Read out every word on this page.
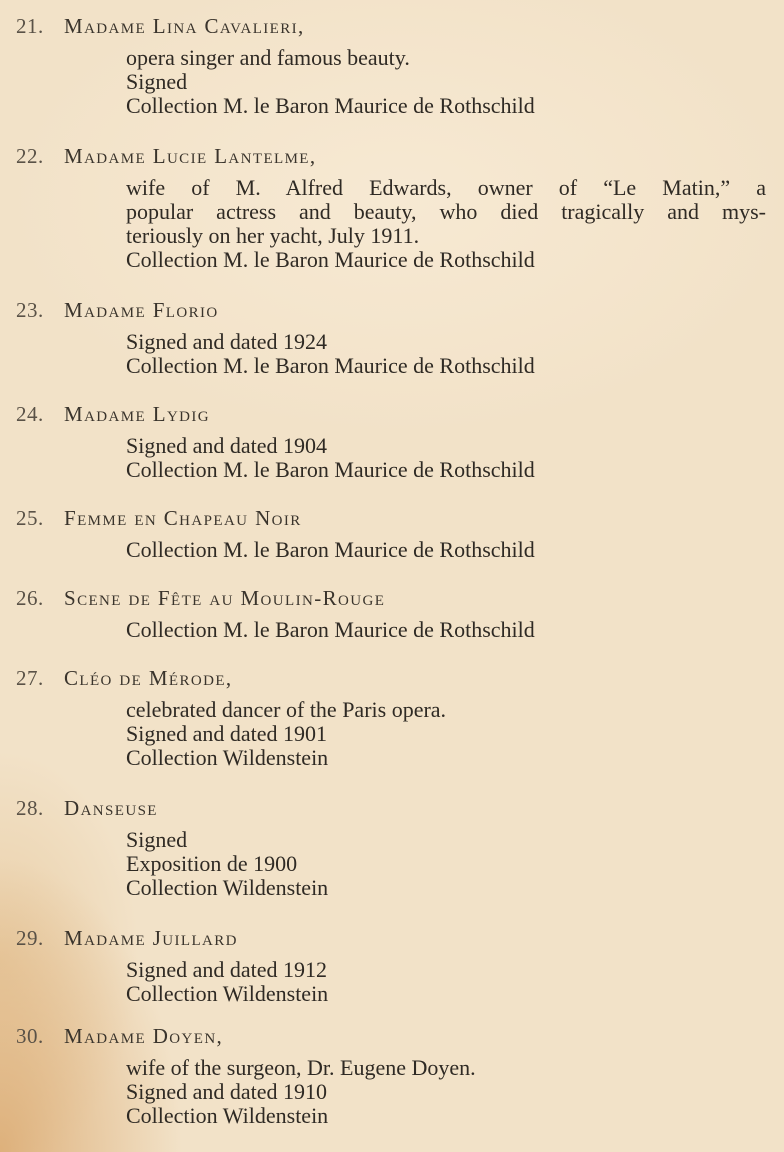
21. Madame Lina Cavalieri,
opera singer and famous beauty.
Signed
Collection M. le Baron Maurice de Rothschild
22. Madame Lucie Lantelme,
wife of M. Alfred Edwards, owner of “Le Matin,” a
popular actress and beauty, who died tragically and mys-
teriously on her yacht, July 1911.
Collection M. le Baron Maurice de Rothschild
23. Madame Florio
Signed and dated 1924
Collection M. le Baron Maurice de Rothschild
24. Madame Lydig
Signed and dated 1904
Collection M. le Baron Maurice de Rothschild
25. Femme en Chapeau Noir
Collection M. le Baron Maurice de Rothschild
26. Scene de Fête au Moulin-Rouge
Collection M. le Baron Maurice de Rothschild
27. Cléo de Mérode,
celebrated dancer of the Paris opera.
Signed and dated 1901
Collection Wildenstein
28. Danseuse
Signed
Exposition de 1900
Collection Wildenstein
29. Madame Juillard
Signed and dated 1912
Collection Wildenstein
30. Madame Doyen,
wife of the surgeon, Dr. Eugene Doyen.
Signed and dated 1910
Collection Wildenstein
